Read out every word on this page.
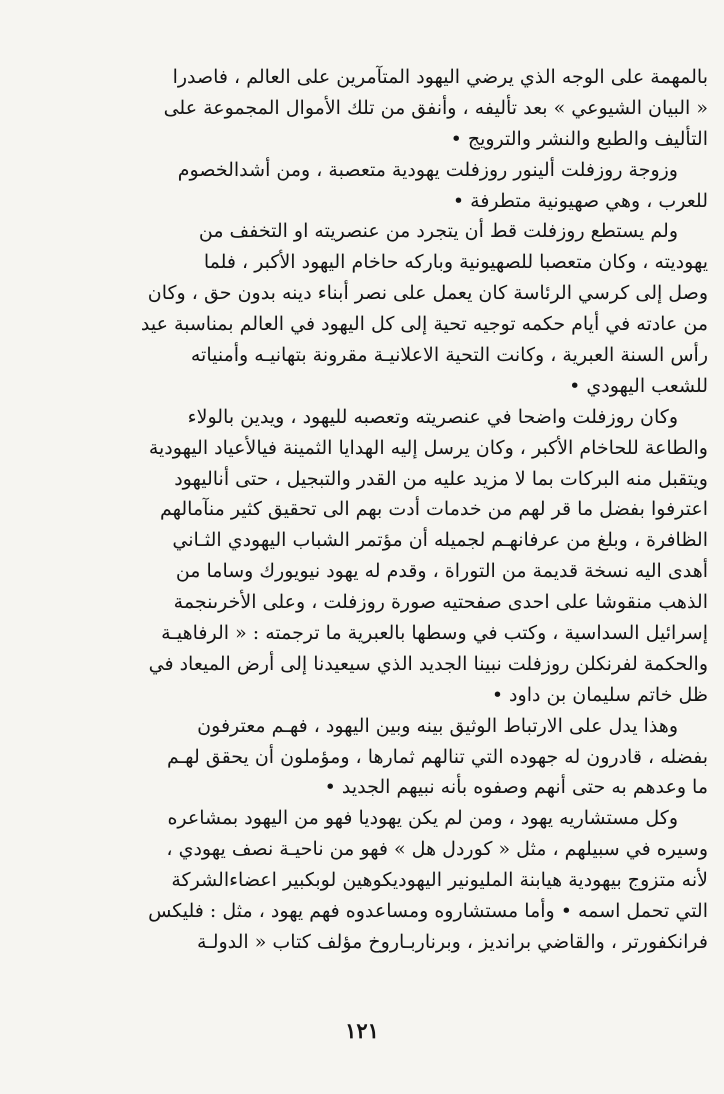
بالمهمة على الوجه الذي يرضي اليهود المتآمرين على العالم ، فاصدرا
« البيان الشيوعي » بعد تأليفه ، وأنفق من تلك الأموال المجموعة على
التأليف والطبع والنشر والترويج •
وزوجة روزفلت ألينور روزفلت يهودية متعصبة ، ومن أشدالخصوم
للعرب ، وهي صهيونية متطرفة •
ولم يستطع روزفلت قط أن يتجرد من عنصريته او التخفف من
يهوديته ، وكان متعصبا للصهيونية وباركه حاخام اليهود الأكبر ، فلما
وصل إلى كرسي الرئاسة كان يعمل على نصر أبناء دينه بدون حق ، وكان
من عادته في أيام حكمه توجيه تحية إلى كل اليهود في العالم بمناسبة عيد
رأس السنة العبرية ، وكانت التحية الاعلانيـة مقرونة بتهانيـه وأمنياته
للشعب اليهودي •
وكان روزفلت واضحا في عنصريته وتعصبه لليهود ، ويدين بالولاء
والطاعة للحاخام الأكبر ، وكان يرسل إليه الهدايا الثمينة فيالأعياد اليهودية
ويتقبل منه البركات بما لا مزيد عليه من القدر والتبجيل ، حتى أناليهود
اعترفوا بفضل ما قر لهم من خدمات أدت بهم الى تحقيق كثير منآمالهم
الظافرة ، وبلغ من عرفانهـم لجميله أن مؤتمر الشباب اليهودي الثـاني
أهدى اليه نسخة قديمة من التوراة ، وقدم له يهود نيويورك وساما من
الذهب منقوشا على احدى صفحتيه صورة روزفلت ، وعلى الأخرىنجمة
إسرائيل السداسية ، وكتب في وسطها بالعبرية ما ترجمته : « الرفاهيـة
والحكمة لفرنكلن روزفلت نبينا الجديد الذي سيعيدنا إلى أرض الميعاد في
ظل خاتم سليمان بن داود •
وهذا يدل على الارتباط الوثيق بينه وبين اليهود ، فهـم معترفون
بفضله ، قادرون له جهوده التي تنالهم ثمارها ، ومؤملون أن يحقق لهـم
ما وعدهم به حتى أنهم وصفوه بأنه نبيهم الجديد •
وكل مستشاريه يهود ، ومن لم يكن يهوديا فهو من اليهود بمشاعره
وسيره في سبيلهم ، مثل « كوردل هل » فهو من ناحيـة نصف يهودي ،
لأنه متزوج بيهودية هيابنة المليونير اليهوديكوهين لوبكبير اعضاءالشركة
التي تحمل اسمه • وأما مستشاروه ومساعدوه فهم يهود ، مثل : فليكس
فرانكفورتر ، والقاضي برانديز ، وبرناربـاروخ مؤلف كتاب « الدولـة
١٢١
